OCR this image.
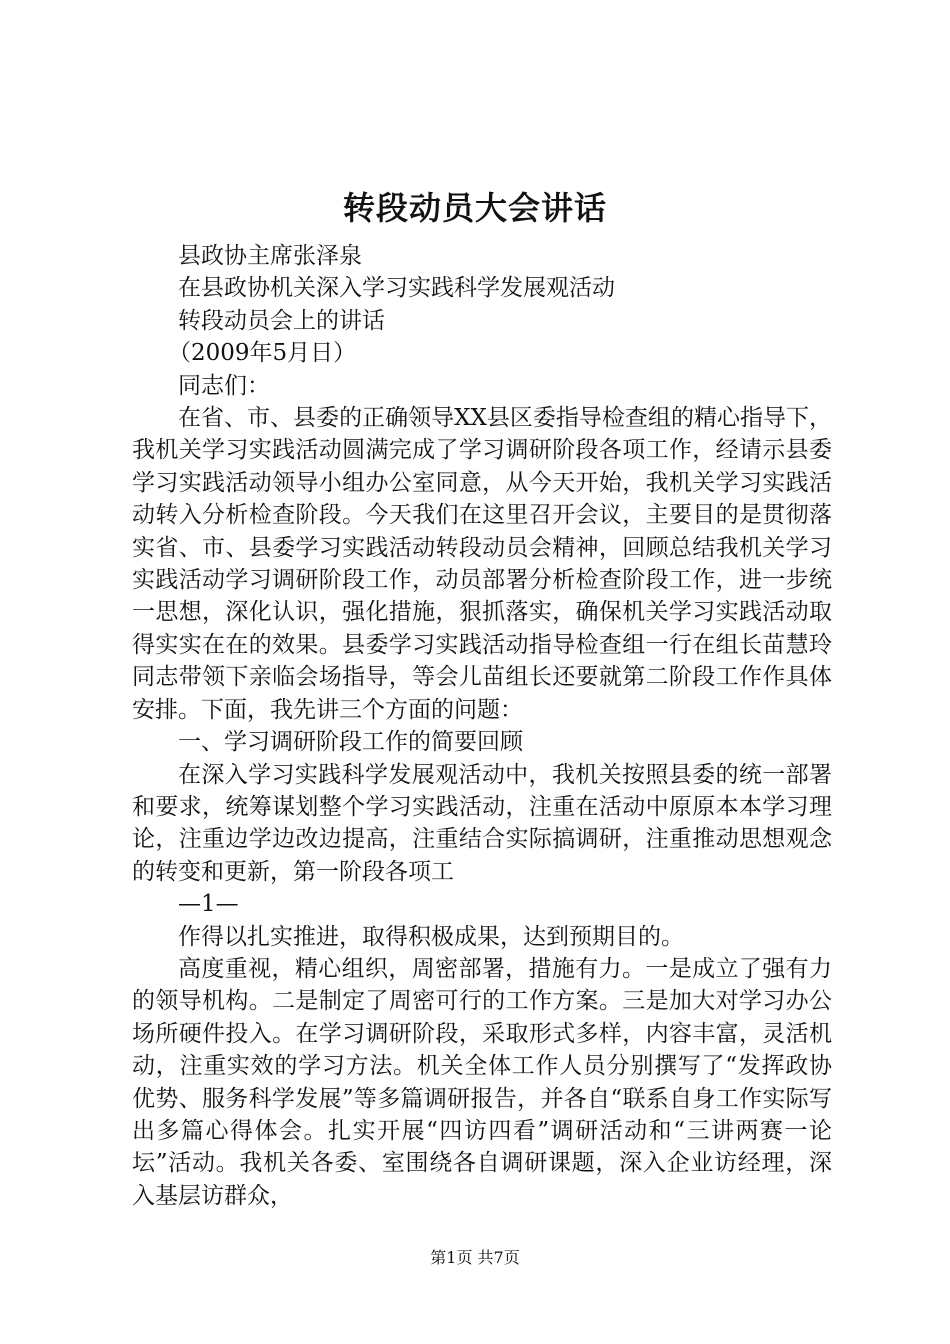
转段动员大会讲话

县政协主席张泽泉

在县政协机关深入学习实践科学发展观活动

转段动员会上的讲话

（2009年5月日）

同志们：

在省、市、县委的正确领导XX县区委指导检查组的精心指导下，我机关学习实践活动圆满完成了学习调研阶段各项工作，经请示县委学习实践活动领导小组办公室同意，从今天开始，我机关学习实践活动转入分析检查阶段。今天我们在这里召开会议，主要目的是贯彻落实省、市、县委学习实践活动转段动员会精神，回顾总结我机关学习实践活动学习调研阶段工作，动员部署分析检查阶段工作，进一步统一思想，深化认识，强化措施，狠抓落实，确保机关学习实践活动取得实实在在的效果。县委学习实践活动指导检查组一行在组长苗慧玲同志带领下亲临会场指导，等会儿苗组长还要就第二阶段工作作具体安排。下面，我先讲三个方面的问题：

一、学习调研阶段工作的简要回顾

在深入学习实践科学发展观活动中，我机关按照县委的统一部署和要求，统筹谋划整个学习实践活动，注重在活动中原原本本学习理论，注重边学边改边提高，注重结合实际搞调研，注重推动思想观念的转变和更新，第一阶段各项工

—1—

作得以扎实推进，取得积极成果，达到预期目的。

高度重视，精心组织，周密部署，措施有力。一是成立了强有力的领导机构。二是制定了周密可行的工作方案。三是加大对学习办公场所硬件投入。在学习调研阶段，采取形式多样，内容丰富，灵活机动，注重实效的学习方法。机关全体工作人员分别撰写了“发挥政协优势、服务科学发展”等多篇调研报告，并各自“联系自身工作实际写出多篇心得体会。扎实开展“四访四看”调研活动和“三讲两赛一论坛”活动。我机关各委、室围绕各自调研课题，深入企业访经理，深入基层访群众，

第1页 共7页
